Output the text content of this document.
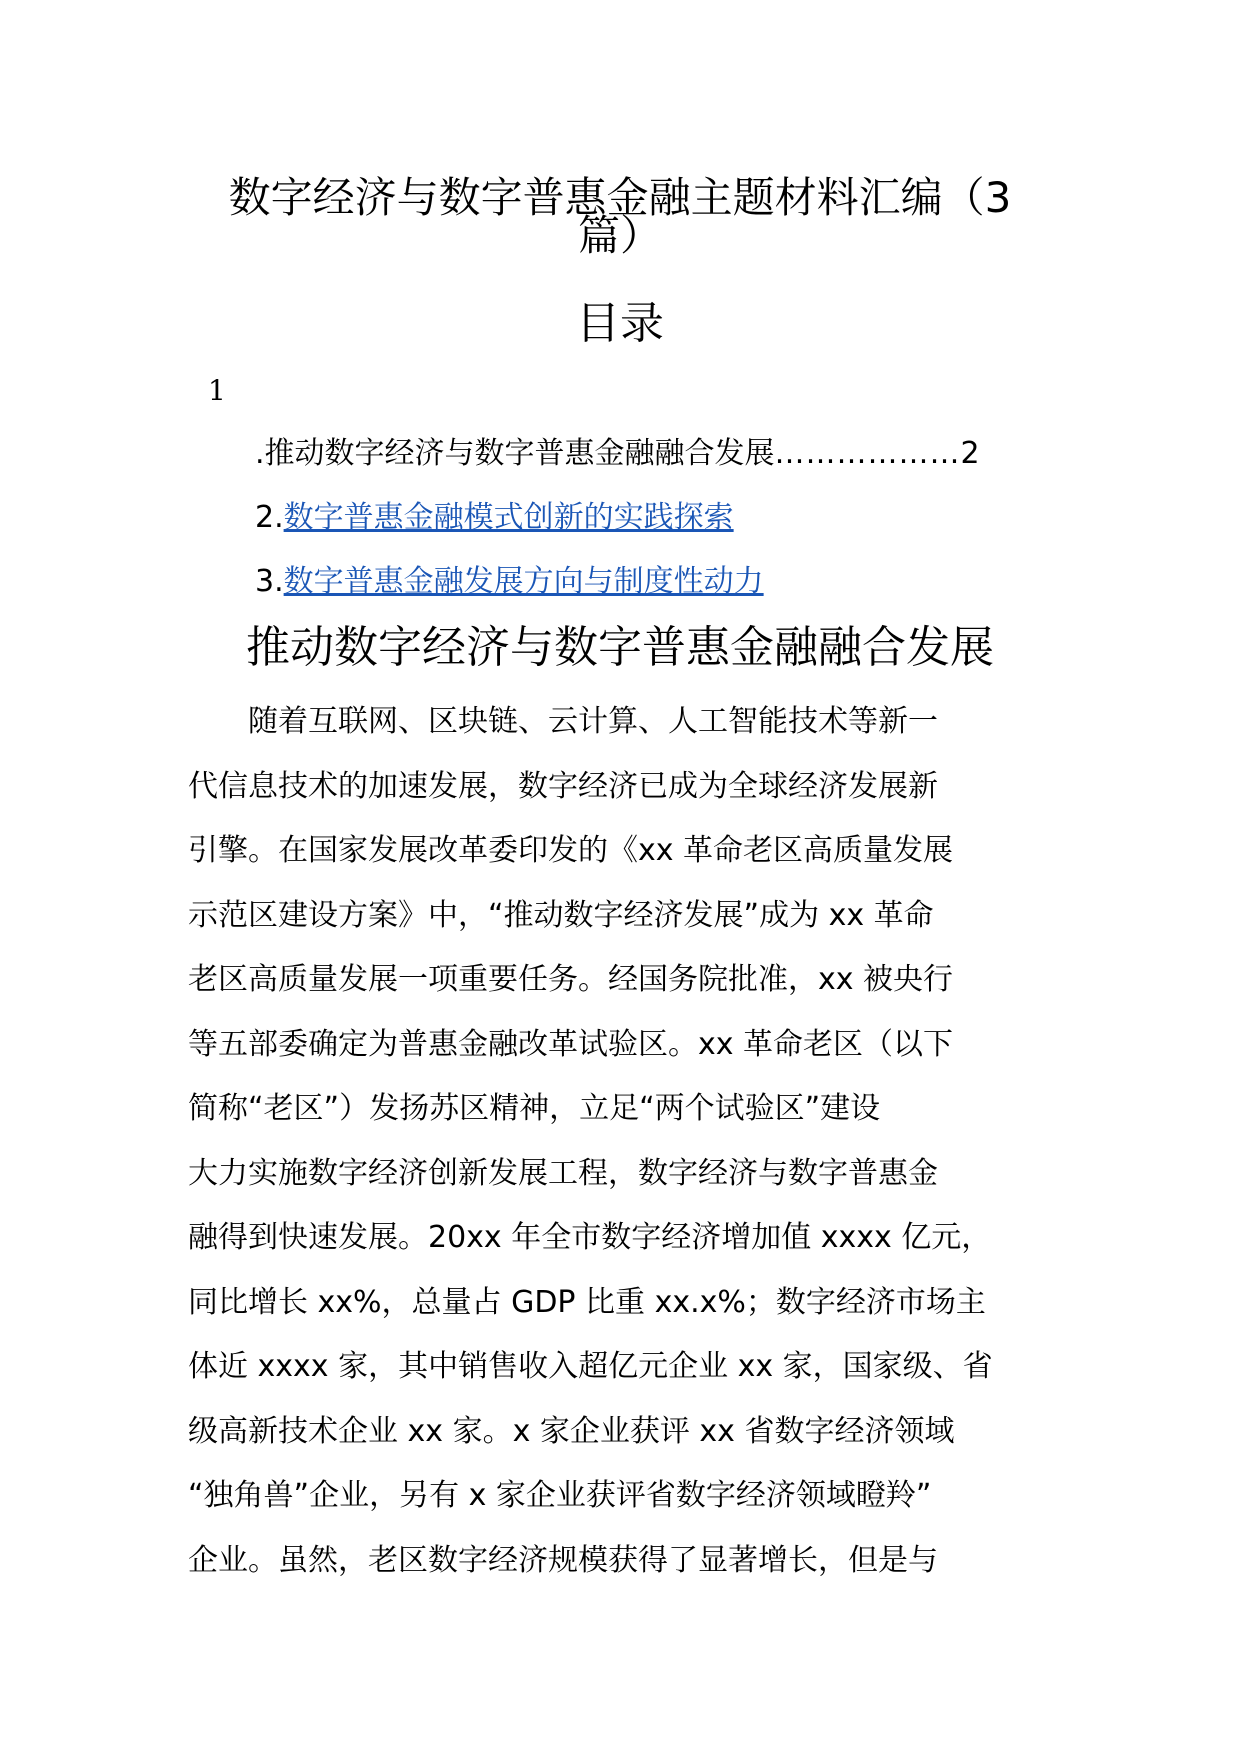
数字经济与数字普惠金融主题材料汇编（3
篇）
目录
1
.推动数字经济与数字普惠金融融合发展………………2
2.数字普惠金融模式创新的实践探索
3.数字普惠金融发展方向与制度性动力
推动数字经济与数字普惠金融融合发展
随着互联网、区块链、云计算、人工智能技术等新一
代信息技术的加速发展，数字经济已成为全球经济发展新
引擎。在国家发展改革委印发的《xx 革命老区高质量发展
示范区建设方案》中，“推动数字经济发展”成为 xx 革命
老区高质量发展一项重要任务。经国务院批准，xx 被央行
等五部委确定为普惠金融改革试验区。xx 革命老区（以下
简称“老区”）发扬苏区精神，立足“两个试验区”建设
大力实施数字经济创新发展工程，数字经济与数字普惠金
融得到快速发展。20xx 年全市数字经济增加值 xxxx 亿元，
同比增长 xx%，总量占 GDP 比重 xx.x%；数字经济市场主
体近 xxxx 家，其中销售收入超亿元企业 xx 家，国家级、省
级高新技术企业 xx 家。x 家企业获评 xx 省数字经济领域
“独角兽”企业，另有 x 家企业获评省数字经济领域瞪羚”
企业。虽然，老区数字经济规模获得了显著增长，但是与
